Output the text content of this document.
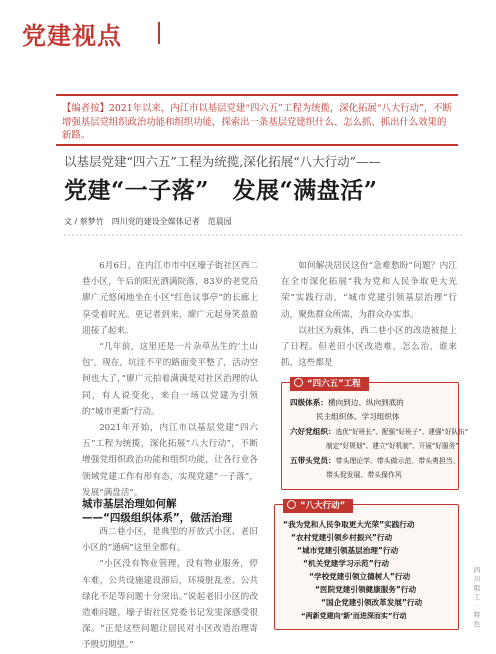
党建视点

【编者按】2021年以来，内江市以基层党建“四六五”工程为统揽，深化拓展“八大行动”，不断增强基层党组织政治功能和组织功能，探索出一条基层党建织什么、怎么抓、抓出什么效果的新路。

以基层党建“四六五”工程为统揽,深化拓展“八大行动”——
党建“一子落”　发展“满盘活”
文 / 蔡梦竹　四川党的建设全媒体记者　范晨园

6月6日，在内江市市中区壕子街社区西二巷小区，午后的阳光洒满院落，83岁的老党员廖广元悠闲地坐在小区“红色议事亭”的长廊上享受着时光。更记者到来，廖广元起身笑盈盈迎接了起来。

“几年前，这里还是一片杂草丛生的‘土山包’。现在，坑洼不平的路面变平整了，活动空间也大了，”廖广元拍着满满是对社区治理的认同，有人说变化，来自一场以党建为引领的“城市更新”行动。

2021年开始，内江市以基层党建“四六五”工程为统揽，深化拓展“八大行动”，不断增强党组织政治功能和组织功能，让各行业各领域党建工作有形有态，实现党建“一子落”，发展“满盘活”。

城市基层治理如何解
——“四级组织体系”，做活治理

西二巷小区，是典型的开放式小区、老旧小区的“通病”这里全都有。

“小区没有物业管理，没有物业服务，停车难，公共设施建设滞后，环境脏乱差、公共绿化不足等问题十分突出。”说起老旧小区的改造难问题，壕子街社区党委书记发雯深感受很深。“正是这些问题让居民对小区改造治理寄予殷切期望。”

如何解决居民这份“急难愁盼”问题？内江在全市深化拓展“我为党和人民争取更大光荣”实践行动，“城市党建引领基层治理”行动，聚焦群众所需，为群众办实事。

以社区为载体，西二巷小区的改造被提上了日程。但老旧小区改造难，怎么治，谁来抓，这些都是

“四六五”工程
四级体系：横向到边、纵向到底的
民主组织体、学习组织体
六好党组织：选优“好班长”、配强“好班子”、建强“好队伍”
制定“好规划”、建立“好机制”、开展“好服务”
五带头党员：带头理论学、带头做示范、带头勇担当、
带头促发展、带头保作风
“八大行动”
“我为党和人民争取更大光荣”实践行动
“农村党建引领乡村振兴”行动
“城市党建引领基层治理”行动
“机关党建学习示范”行动
“学校党建引领立德树人”行动
“医院党建引领健康服务”行动
“国企党建引领改革发展”行动
“两新党建向‘新’而进深而实”行动
四川组工 · 特色
